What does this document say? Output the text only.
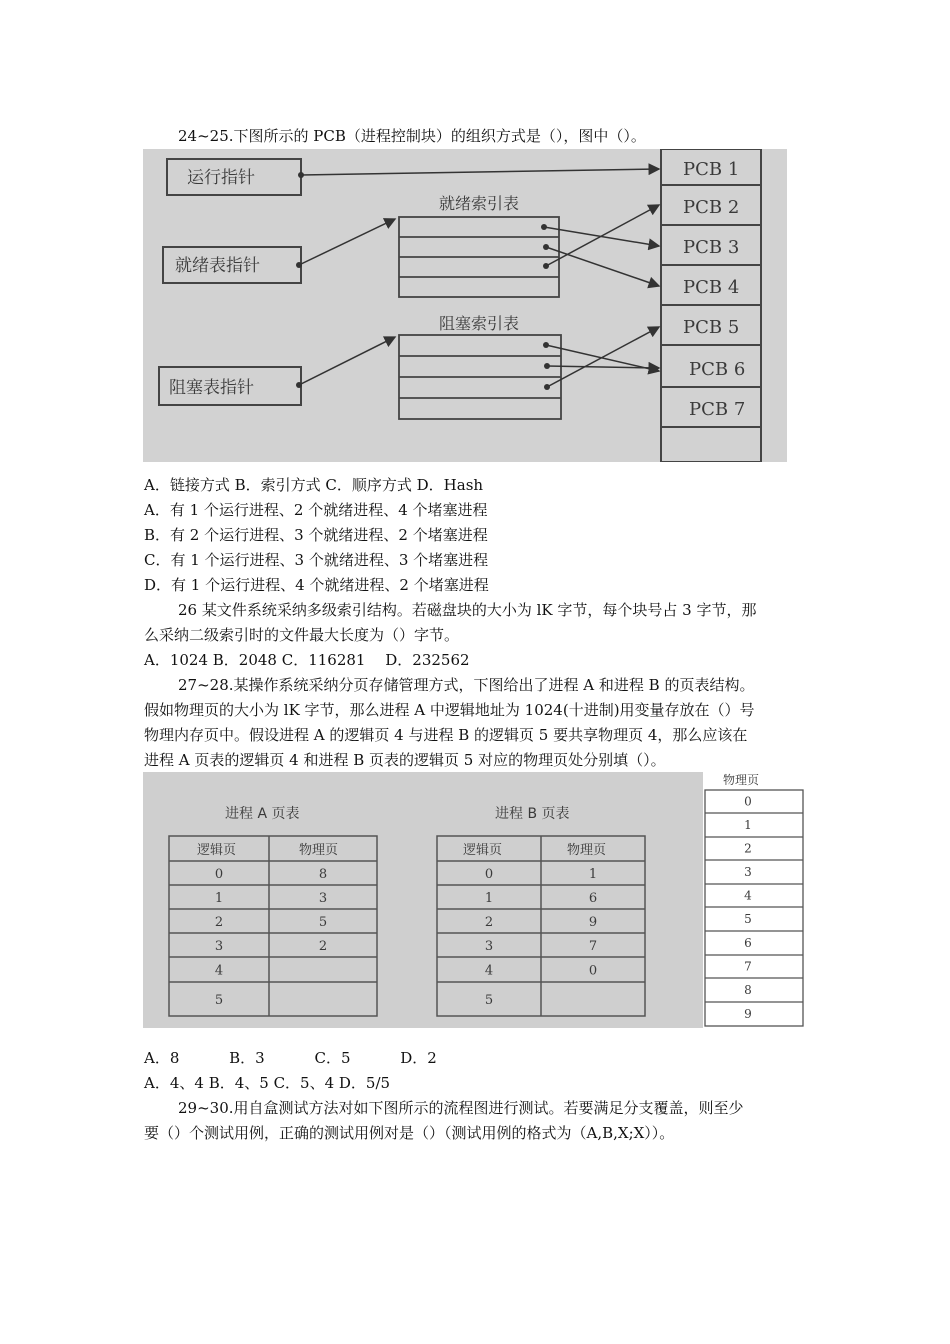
24~25.下图所示的 PCB（进程控制块）的组织方式是（），图中（）。
运行指针
就绪表指针
阻塞表指针
就绪索引表
阻塞索引表
PCB 1
PCB 2
PCB 3
PCB 4
PCB 5
PCB 6
PCB 7
A．链接方式 B．索引方式 C．顺序方式 D．Hash
A．有 1 个运行进程、2 个就绪进程、4 个堵塞进程
B．有 2 个运行进程、3 个就绪进程、2 个堵塞进程
C．有 1 个运行进程、3 个就绪进程、3 个堵塞进程
D．有 1 个运行进程、4 个就绪进程、2 个堵塞进程
26 某文件系统采纳多级索引结构。若磁盘块的大小为 lK 字节，每个块号占 3 字节，那
么采纳二级索引时的文件最大长度为（）字节。
A．1024 B．2048 C．116281　 D．232562
27~28.某操作系统采纳分页存储管理方式，下图给出了进程 A 和进程 B 的页表结构。
假如物理页的大小为 lK 字节，那么进程 A 中逻辑地址为 1024(十进制)用变量存放在（）号
物理内存页中。假设进程 A 的逻辑页 4 与进程 B 的逻辑页 5 要共享物理页 4，那么应该在
进程 A 页表的逻辑页 4 和进程 B 页表的逻辑页 5 对应的物理页处分别填（）。
进程 A 页表
逻辑页	物理页
进程 B 页表
逻辑页	物理页
物理页
0	8
1	3
2	5
3	2
4
5
0	1
1	6
2	9
3	7
4	0
5
0
1
2
3
4
5
6
7
8
9
A．8　　　 B．3　　　 C．5　　　 D．2
A．4、4 B．4、5 C．5、4 D．5/5
29~30.用自盒测试方法对如下图所示的流程图进行测试。若要满足分支覆盖，则至少
要（）个测试用例，正确的测试用例对是（）（测试用例的格式为（A,B,X;X））。
